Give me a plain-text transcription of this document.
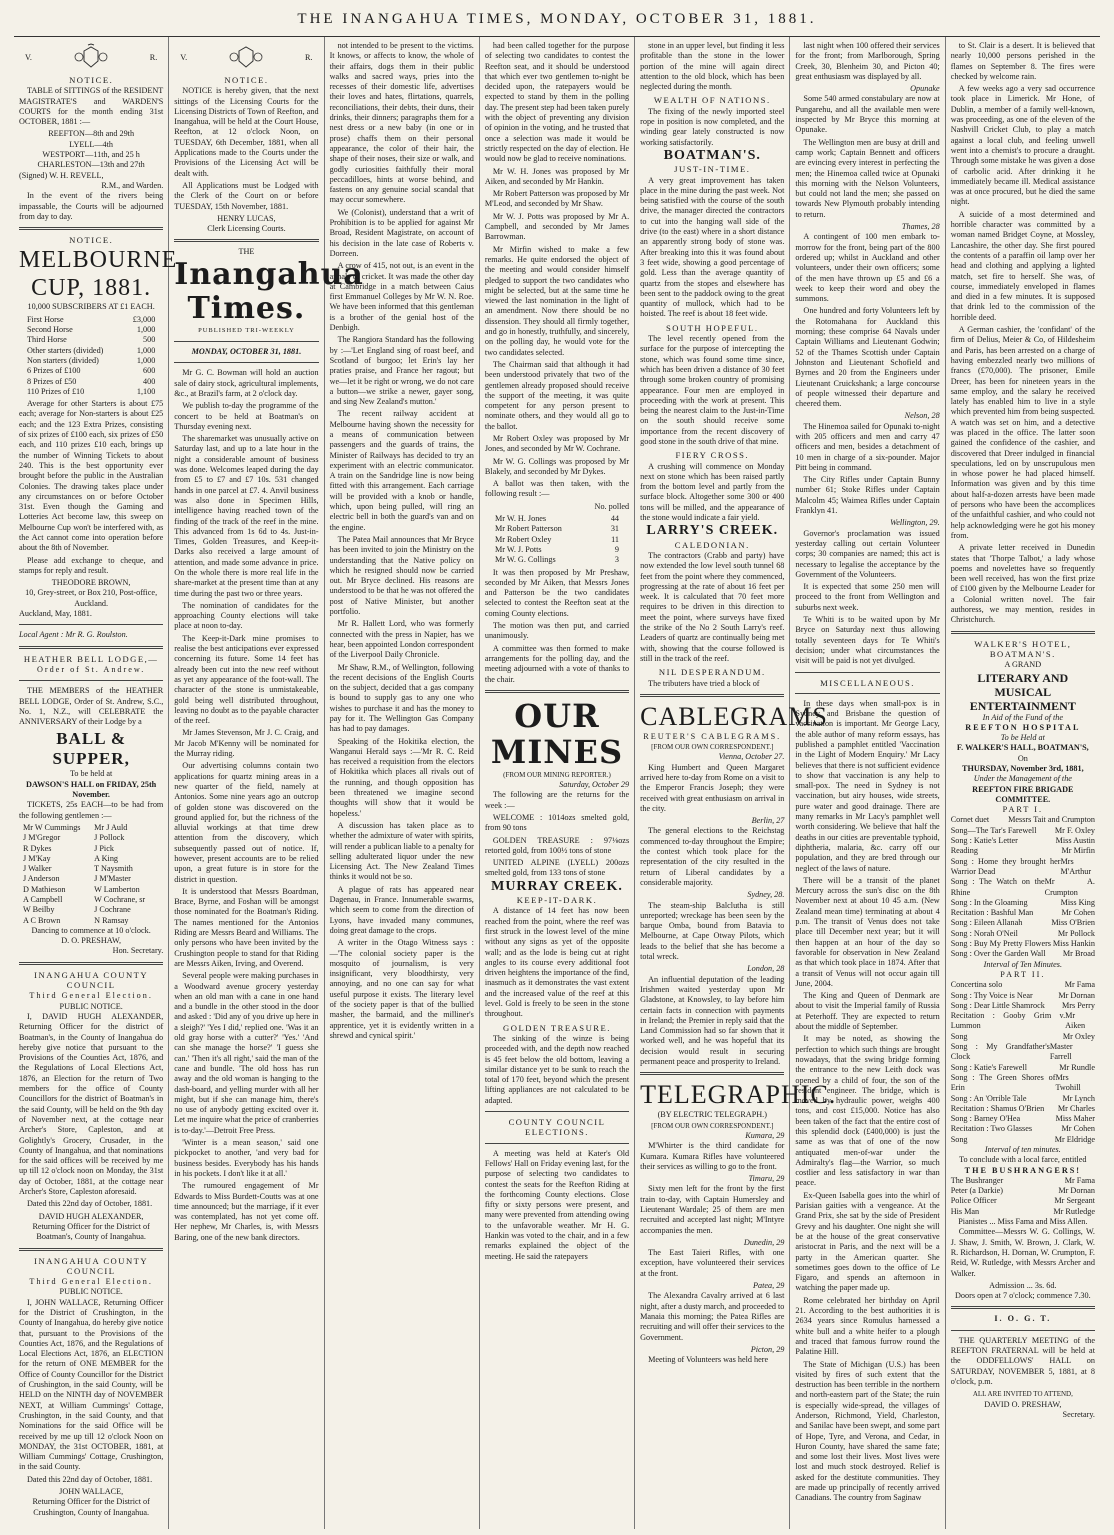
THE INANGAHUA TIMES, MONDAY, OCTOBER 31, 1881.
V.	R.
NOTICE.

TABLE of SITTINGS of the RESIDENT MAGISTRATE'S and WARDEN'S COURTS for the month ending 31st OCTOBER, 1881 :—

REEFTON—8th and 29th
LYELL—4th
WESTPORT—11th, and 25 h
CHARLESTON—13th and 27th
(Signed) W. H. REVELL,
R.M., and Warden.

In the event of the rivers being impassable, the Courts will be adjourned from day to day.

NOTICE.
MELBOURNE CUP, 1881.
10,000 SUBSCRIBERS AT £1 EACH.
First Horse	£3,000
Second Horse	1,000
Third Horse	500
Other starters (divided)	1,000
Non starters (divided)	1,000
6 Prizes of £100	600
8 Prizes of £50	400
110 Prizes of £10	1,100

Average for other Starters is about £75 each; average for Non-starters is about £25 each; and the 123 Extra Prizes, consisting of six prizes of £100 each, six prizes of £50 each, and 110 prizes £10 each, brings up the number of Winning Tickets to about 240. This is the best opportunity ever brought before the public in the Australian Colonies. The drawing takes place under any circumstances on or before October 31st. Even though the Gaming and Lotteries Act become law, this sweep on Melbourne Cup won't be interfered with, as the Act cannot come into operation before about the 8th of November.

Please add exchange to cheque, and stamps for reply and result.

THEODORE BROWN,
10, Grey-street, or Box 210, Post-office, Auckland.
Auckland, May, 1881.
Local Agent : Mr R. G. Roulston.
HEATHER BELL LODGE,—
Order of St. Andrew.

THE MEMBERS of the HEATHER BELL LODGE, Order of St. Andrew, S.C., No. 1, N.Z., will CELEBRATE the ANNIVERSARY of their Lodge by a

BALL & SUPPER,
To be held at
DAWSON'S HALL on FRIDAY, 25th November.

TICKETS, 25s EACH—to be had from the following gentlemen :—

Mr W Cummings
J M'Gregor
R Dykes
J M'Kay
J Walker
J Anderson
D Mathieson
A Campbell
W Beilby
A C Brown
Mr J Auld
J Pollock
J Pick
A King
T Naysmith
J M'Master
W Lamberton
W Cochrane, sr
J Cochrane
N Ramsay
Dancing to commence at 10 o'clock.
D. O. PRESHAW,
Hon. Secretary.
INANGAHUA COUNTY COUNCIL
Third General Election.
PUBLIC NOTICE.

I, DAVID HUGH ALEXANDER, Returning Officer for the district of Boatman's, in the County of Inangahua do hereby give notice that pursuant to the Provisions of the Counties Act, 1876, and the Regulations of Local Elections Act, 1876, an Election for the return of Two members for the office of County Councillors for the district of Boatman's in the said County, will be held on the 9th day of November next, at the cottage near Archer's Store, Capleston, and at Golightly's Grocery, Crusader, in the County of Inangahua, and that nominations for the said offices will be received by me up till 12 o'clock noon on Monday, the 31st day of October, 1881, at the cottage near Archer's Store, Capleston aforesaid.

Dated this 22nd day of October, 1881.

DAVID HUGH ALEXANDER,
Returning Officer for the District of Boatman's, County of Inangahua.
INANGAHUA COUNTY COUNCIL
Third General Election.
PUBLIC NOTICE.

I, JOHN WALLACE, Returning Officer for the District of Crushington, in the County of Inangahua, do hereby give notice that, pursuant to the Provisions of the Counties Act, 1876, and the Regulations of Local Elections Act, 1876, an ELECTION for the return of ONE MEMBER for the Office of County Councillor for the District of Crushington, in the said County, will be HELD on the NINTH day of NOVEMBER NEXT, at William Cummings' Cottage, Crushington, in the said County, and that Nominations for the said Office will be received by me up till 12 o'clock Noon on MONDAY, the 31st OCTOBER, 1881, at William Cummings' Cottage, Crushington, in the said County.

Dated this 22nd day of October, 1881.

JOHN WALLACE,
Returning Officer for the District of Crushington, County of Inangahua.
V.	R.
NOTICE.

NOTICE is hereby given, that the next sittings of the Licensing Courts for the Licensing Districts of Town of Reefton, and Inangahua, will be held at the Court House, Reefton, at 12 o'clock Noon, on TUESDAY, 6th December, 1881, when all Applications made to the Courts under the Provisions of the Licensing Act will be dealt with.

All Applications must be Lodged with the Clerk of the Court on or before TUESDAY, 15th November, 1881.

HENRY LUCAS,
Clerk Licensing Courts.
THE
Inangahua Times.
PUBLISHED TRI-WEEKLY
MONDAY, OCTOBER 31, 1881.

Mr G. C. Bowman will hold an auction sale of dairy stock, agricultural implements, &c., at Brazil's farm, at 2 o'clock day.

We publish to-day the programme of the concert to be held at Boatman's on Thursday evening next.

The sharemarket was unusually active on Saturday last, and up to a late hour in the night a considerable amount of business was done. Welcomes leaped during the day from £5 to £7 and £7 10s. 531 changed hands in one parcel at £7. 4. Anvil business was also done in Specimen Hills, intelligence having reached town of the finding of the track of the reef in the mine. This advanced from 1s 6d to 4s. Just-in-Times, Golden Treasures, and Keep-it-Darks also received a large amount of attention, and made some advance in price. On the whole there is more real life in the share-market at the present time than at any time during the past two or three years.

The nomination of candidates for the approaching County elections will take place at noon to-day.

The Keep-it-Dark mine promises to realise the best anticipations ever expressed concerning its future. Some 14 feet has already been cut into the new reef without as yet any appearance of the foot-wall. The character of the stone is unmistakeable, gold being well distributed throughout, leaving no doubt as to the payable character of the reef.

Mr James Stevenson, Mr J. C. Craig, and Mr Jacob M'Kenny will be nominated for the Murray riding.

Our advertising columns contain two applications for quartz mining areas in a new quarter of the field, namely at Antonios. Some nine years ago an outcrop of golden stone was discovered on the ground applied for, but the richness of the alluvial workings at that time drew attention from the discovery, which subsequently passed out of notice. If, however, present accounts are to be relied upon, a great future is in store for the district in question.

It is understood that Messrs Boardman, Brace, Byrne, and Foshan will be amongst those nominated for the Boatman's Riding. The names mentioned for the Antonios Riding are Messrs Beard and Williams. The only persons who have been invited by the Crushington people to stand for that Riding are Messrs Aiken, Irving, and Overend.

Several people were making purchases in a Woodward avenue grocery yesterday when an old man with a cane in one hand and a bundle in the other stood in the door and asked : 'Did any of you drive up here in a sleigh?' 'Yes I did,' replied one. 'Was it an old gray horse with a cutter?' 'Yes.' 'And can she manage the horse?' 'I guess she can.' 'Then it's all right,' said the man of the cane and bundle. 'The old hoss has run away and the old woman is hanging to the dash-board, and yelling murder with all her might, but if she can manage him, there's no use of anybody getting excited over it. Let me inquire what the price of cranberries is to-day.'—Detroit Free Press.

'Winter is a mean season,' said one pickpocket to another, 'and very bad for business besides. Everybody has his hands in his pockets. I don't like it at all.'

The rumoured engagement of Mr Edwards to Miss Burdett-Coutts was at one time announced; but the marriage, if it ever was contemplated, has not yet come off. Her nephew, Mr Charles, is, with Messrs Baring, one of the new bank directors.

not intended to be present to the victims. It knows, or affects to know, the whole of their affairs, dogs them in their public walks and sacred ways, pries into the recesses of their domestic life, advertises their loves and hates, flirtations, quarrels, reconciliations, their debts, their duns, their drinks, their dinners; paragraphs them for a nest dress or a new baby (in one or in prose) chaffs them on their personal appearance, the color of their hair, the shape of their noses, their size or walk, and godly curiosities faithfully their moral peccadilloes, hints at worse behind, and fastens on any genuine social scandal that may occur somewhere.

We (Colonist), understand that a writ of Prohibition is to be applied for against Mr Broad, Resident Magistrate, on account of his decision in the late case of Roberts v. Dorreen.

A crow of 415, not out, is an event in the annals of cricket. It was made the other day at Cambridge in a match between Caius first Emmanuel Colleges by Mr W. N. Roe. We have been informed that this gentleman is a brother of the genial host of the Denbigh.

The Rangiora Standard has the following by :—'Let England sing of roast beef, and Scotland of burgoo; let Erin's lay her praties praise, and France her ragout; but we—let it be right or wrong, we do not care a button—we strike a newer, gayer song, and sing New Zealand's mutton.'

The recent railway accident at Melbourne having shown the necessity for a means of communication between passengers and the guards of trains, the Minister of Railways has decided to try an experiment with an electric communicator. A train on the Sandridge line is now being fitted with this arrangement. Each carriage will be provided with a knob or handle, which, upon being pulled, will ring an electric bell in both the guard's van and on the engine.

The Patea Mail announces that Mr Bryce has been invited to join the Ministry on the understanding that the Native policy on which he resigned should now be carried out. Mr Bryce declined. His reasons are understood to be that he was not offered the post of Native Minister, but another portfolio.

Mr R. Hallett Lord, who was formerly connected with the press in Napier, has we hear, been appointed London correspondent of the Liverpool Daily Chronicle.

Mr Shaw, R.M., of Wellington, following the recent decisions of the English Courts on the subject, decided that a gas company is bound to supply gas to any one who wishes to purchase it and has the money to pay for it. The Wellington Gas Company has had to pay damages.

Speaking of the Hokitika election, the Wanganui Herald says :—'Mr R. C. Reid has received a requisition from the electors of Hokitika which places all rivals out of the running, and though opposition has been threatened we imagine second thoughts will show that it would be hopeless.'

A discussion has taken place as to whether the admixture of water with spirits, will render a publican liable to a penalty for selling adulterated liquor under the new Licensing Act. The New Zealand Times thinks it would not be so.

A plague of rats has appeared near Dagenau, in France. Innumerable swarms, which seem to come from the direction of Lyons, have invaded many communes, doing great damage to the crops.

A writer in the Otago Witness says :—'The colonial society paper is the mosquito of journalism, is very insignificant, very bloodthirsty, very annoying, and no one can say for what useful purpose it exists. The literary level of the society paper is that of the bullied masher, the barmaid, and the milliner's apprentice, yet it is evidently written in a shrewd and cynical spirit.'

had been called together for the purpose of selecting two candidates to contest the Reefton seat, and it should be understood that which ever two gentlemen to-night be decided upon, the ratepayers would be expected to stand by them in the polling day. The present step had been taken purely with the object of preventing any division of opinion in the voting, and he trusted that once a selection was made it would be strictly respected on the day of election. He would now be glad to receive nominations.

Mr W. H. Jones was proposed by Mr Aiken, and seconded by Mr Hankin.

Mr Robert Patterson was proposed by Mr M'Leod, and seconded by Mr Shaw.

Mr W. J. Potts was proposed by Mr A. Campbell, and seconded by Mr James Barrowman.

Mr Mirfin wished to make a few remarks. He quite endorsed the object of the meeting and would consider himself pledged to support the two candidates who might be selected, but at the same time he viewed the last nomination in the light of an amendment. Now there should be no dissension. They should all firmly together, and go in honestly, truthfully, and sincerely, on the polling day, he would vote for the two candidates selected.

The Chairman said that although it had been understood privately that two of the gentlemen already proposed should receive the support of the meeting, it was quite competent for any person present to nominate others, and they would all go to the ballot.

Mr Robert Oxley was proposed by Mr Jones, and seconded by Mr W. Cochrane.

Mr W. G. Collings was proposed by Mr Blakely, and seconded by Mr Dykes.

A ballot was then taken, with the following result :—

No. polled
Mr W. H. Jones	44
Mr Robert Patterson	31
Mr Robert Oxley	11
Mr W. J. Potts	9
Mr W. G. Collings	3

It was then proposed by Mr Preshaw, seconded by Mr Aiken, that Messrs Jones and Patterson be the two candidates selected to contest the Reefton seat at the coming County elections.

The motion was then put, and carried unanimously.

A committee was then formed to make arrangements for the polling day, and the meeting adjourned with a vote of thanks to the chair.

OUR MINES
(FROM OUR MINING REPORTER.)
Saturday, October 29

The following are the returns for the week :—

WELCOME : 1014ozs smelted gold, from 90 tons

GOLDEN TREASURE : 97⅛ozs retorted gold, from 100½ tons of stone

UNITED ALPINE (LYELL) 200ozs smelted gold, from 133 tons of stone

MURRAY CREEK.
KEEP-IT-DARK.

A distance of 14 feet has now been reached from the point, where the reef was first struck in the lowest level of the mine without any signs as yet of the opposite wall; and as the lode is being cut at right angles to its course every additional foot driven heightens the importance of the find, inasmuch as it demonstrates the vast extent and the increased value of the reef at this level. Gold is freely to be seen in the stone throughout.

GOLDEN TREASURE.

The sinking of the winze is being proceeded with, and the depth now reached is 45 feet below the old bottom, leaving a similar distance yet to be sunk to reach the total of 170 feet, beyond which the present lifting appliances are not calculated to be adapted.

COUNTY COUNCIL ELECTIONS.

A meeting was held at Kater's Old Fellows' Hall on Friday evening last, for the purpose of selecting two candidates to contest the seats for the Reefton Riding at the forthcoming County elections. Close fifty or sixty persons were present, and many were prevented from attending owing to the unfavorable weather. Mr H. G. Hankin was voted to the chair, and in a few remarks explained the object of the meeting. He said the ratepayers

stone in an upper level, but finding it less profitable than the stone in the lower portion of the mine will again direct attention to the old block, which has been neglected during the month.

WEALTH OF NATIONS.

The fixing of the newly imported steel rope in position is now completed, and the winding gear lately constructed is now working satisfactorily.

BOATMAN'S.
JUST-IN-TIME.

A very great improvement has taken place in the mine during the past week. Not being satisfied with the course of the south drive, the manager directed the contractors to cut into the hanging wall side of the drive (to the east) where in a short distance an apparently strong body of stone was. After breaking into this it was found about 3 feet wide, showing a good percentage of gold. Less than the average quantity of quartz from the stopes and elsewhere has been sent to the paddock owing to the great quantity of mullock, which had to be hoisted. The reef is about 18 feet wide.

SOUTH HOPEFUL.

The level recently opened from the surface for the purpose of intercepting the stone, which was found some time since, which has been driven a distance of 30 feet through some broken country of promising appearance. Four men are employed in proceeding with the work at present. This being the nearest claim to the Just-in-Time on the south should receive some importance from the recent discovery of good stone in the south drive of that mine.

FIERY CROSS.

A crushing will commence on Monday next on stone which has been raised partly from the bottom level and partly from the surface block. Altogether some 300 or 400 tons will be milled, and the appearance of the stone would indicate a fair yield.

LARRY'S CREEK.
CALEDONIAN.

The contractors (Crabb and party) have now extended the low level south tunnel 68 feet from the point where they commenced, progressing at the rate of about 16 feet per week. It is calculated that 70 feet more requires to be driven in this direction to meet the point, where surveys have fixed the strike of the No 2 South Larry's reef. Leaders of quartz are continually being met with, showing that the course followed is still in the track of the reef.

NIL DESPERANDUM.

The tributers have tried a block of

CABLEGRAMS
REUTER'S CABLEGRAMS.
[FROM OUR OWN CORRESPONDENT.]
Vienna, October 27.

King Humbert and Queen Margaret arrived here to-day from Rome on a visit to the Emperor Francis Joseph; they were received with great enthusiasm on arrival in the city.

Berlin, 27

The general elections to the Reichstag commenced to-day throughout the Empire; the contest which took place for the representation of the city resulted in the return of Liberal candidates by a considerable majority.

Sydney, 28.

The steam-ship Balclutha is still unreported; wreckage has been seen by the barque Omba, bound from Batavia to Melbourne, at Cape Otway Pilots, which leads to the belief that she has become a total wreck.

London, 28

An influential deputation of the leading Irishmen waited yesterday upon Mr Gladstone, at Knowsley, to lay before him certain facts in connection with payments in Ireland; the Premier in reply said that the Land Commission had so far shown that it worked well, and he was hopeful that its decision would result in securing permanent peace and prosperity to Ireland.

TELEGRAPHIC.
(BY ELECTRIC TELEGRAPH.)
[FROM OUR OWN CORRESPONDENT.]
Kumara, 29

M'Whirter is the third candidate for Kumara. Kumara Rifles have volunteered their services as willing to go to the front.

Timaru, 29

Sixty men left for the front by the first train to-day, with Captain Humersley and Lieutenant Wardale; 25 of them are men recruited and accepted last night; M'Intyre accompanies the men.

Dunedin, 29

The East Taieri Rifles, with one exception, have volunteered their services at the front.

Patea, 29

The Alexandra Cavalry arrived at 6 last night, after a dusty march, and proceeded to Manaia this morning; the Patea Rifles are recruiting and will offer their services to the Government.

Picton, 29

Meeting of Volunteers was held here

last night when 100 offered their services for the front; from Marlborough, Spring Creek, 30, Blenheim 30, and Picton 40; great enthusiasm was displayed by all.

Opunake

Some 540 armed constabulary are now at Pungarehu, and all the available men were inspected by Mr Bryce this morning at Opunake.

The Wellington men are busy at drill and camp work; Captain Bennett and officers are evincing every interest in perfecting the men; the Hinemoa called twice at Opunaki this morning with the Nelson Volunteers, but could not land the men; she passed on towards New Plymouth probably intending to return.

Thames, 28

A contingent of 100 men embark to-morrow for the front, being part of the 800 ordered up; whilst in Auckland and other volunteers, under their own officers; some of the men have thrown up £5 and £6 a week to keep their word and obey the summons.

One hundred and forty Volunteers left by the Rotomahana for Auckland this morning; these comprise 64 Navals under Captain Williams and Lieutenant Godwin; 52 of the Thames Scottish under Captain Johnston and Lieutenant Schofield and Byrnes and 20 from the Engineers under Lieutenant Cruickshank; a large concourse of people witnessed their departure and cheered them.

Nelson, 28

The Hinemoa sailed for Opunaki to-night with 205 officers and men and carry 47 officers and men, besides a detachment of 10 men in charge of a six-pounder. Major Pitt being in command.

The City Rifles under Captain Bunny number 61; Stoke Rifles under Captain Malcolm 45; Waimea Rifles under Captain Franklyn 41.

Wellington, 29.

Governor's proclamation was issued yesterday calling out certain Volunteer corps; 30 companies are named; this act is necessary to legalise the acceptance by the Government of the Volunteers.

It is expected that some 250 men will proceed to the front from Wellington and suburbs next week.

Te Whiti is to be waited upon by Mr Bryce on Saturday next thus allowing totally seventeen days for Te Whiti's decision; under what circumstances the visit will be paid is not yet divulged.

MISCELLANEOUS.

In these days when small-pox is in Sydney and Brisbane the question of vaccination is important. Mr George Lacy, the able author of many reform essays, has published a pamphlet entitled 'Vaccination in the Light of Modern Enquiry.' Mr Lacy believes that there is not sufficient evidence to show that vaccination is any help to small-pox. The need in Sydney is not vaccination, but airy houses, wide streets, pure water and good drainage. There are many remarks in Mr Lacy's pamphlet well worth considering. We believe that half the deaths in our cities are preventable typhoid, diphtheria, malaria, &c. carry off our population, and they are bred through our neglect of the laws of nature.

There will be a transit of the planet Mercury across the sun's disc on the 8th November next at about 10 45 a.m. (New Zealand mean time) terminating at about 4 p.m. The transit of Venus does not take place till December next year; but it will then happen at an hour of the day so favorable for observation in New Zealand as that which took place in 1874. After that a transit of Venus will not occur again till June, 2004.

The King and Queen of Denmark are about to visit the Imperial family of Russia at Peterhoff. They are expected to return about the middle of September.

It may be noted, as showing the perfection to which such things are brought nowadays, that the swing bridge forming the entrance to the new Leith dock was opened by a child of four, the son of the resident engineer. The bridge, which is moved by hydraulic power, weighs 400 tons, and cost £15,000. Notice has also been taken of the fact that the entire cost of this splendid dock (£400,000) is just the same as was that of one of the now antiquated men-of-war under the Admiralty's flag—the Warrior, so much costlier and less satisfactory in war than peace.

Ex-Queen Isabella goes into the whirl of Parisian gaities with a vengeance. At the Grand Prix, she sat by the side of President Grevy and his daughter. One night she will be at the house of the great conservative aristocrat in Paris, and the next will be a party in the American quarter. She sometimes goes down to the office of Le Figaro, and spends an afternoon in watching the paper made up.

Rome celebrated her birthday on April 21. According to the best authorities it is 2634 years since Romulus harnessed a white bull and a white heifer to a plough and traced that famous furrow round the Palatine Hill.

The State of Michigan (U.S.) has been visited by fires of such extent that the destruction has been terrible in the northern and north-eastern part of the State; the ruin is especially wide-spread, the villages of Anderson, Richmond, Yield, Charleston, and Sanilac have been swept, and some part of Hope, Tyre, and Verona, and Cedar, in Huron County, have shared the same fate; and some lost their lives. Most lives were lost and much stock destroyed. Relief is asked for the destitute communities. They are made up principally of recently arrived Canadians. The country from Saginaw

to St. Clair is a desert. It is believed that nearly 10,000 persons perished in the flames on September 8. The fires were checked by welcome rain.

A few weeks ago a very sad occurrence took place in Limerick. Mr Hone, of Dublin, a member of a family well-known, was proceeding, as one of the eleven of the Nashvill Cricket Club, to play a match against a local club, and feeling unwell went into a chemist's to procure a draught. Through some mistake he was given a dose of carbolic acid. After drinking it he immediately became ill. Medical assistance was at once procured, but he died the same night.

A suicide of a most determined and horrible character was committed by a woman named Bridget Coyne, at Mossley, Lancashire, the other day. She first poured the contents of a paraffin oil lamp over her head and clothing and applying a lighted match, set fire to herself. She was, of course, immediately enveloped in flames and died in a few minutes. It is supposed that drink led to the commission of the horrible deed.

A German cashier, the 'confidant' of the firm of Delius, Meier & Co, of Hildesheim and Paris, has been arrested on a charge of having embezzled nearly two millions of francs (£70,000). The prisoner, Emile Dreer, has been for nineteen years in the same employ, and the salary he received lately has enabled him to live in a style which prevented him from being suspected. A watch was set on him, and a detective was placed in the office. The latter soon gained the confidence of the cashier, and discovered that Dreer indulged in financial speculations, led on by unscrupulous men in whose power he had placed himself. Information was given and by this time about half-a-dozen arrests have been made of persons who have been the accomplices of the unfaithful cashier, and who could not help acknowledging were he got his money from.

A private letter received in Dunedin states that 'Thorpe Talbot,' a lady whose poems and novelettes have so frequently been well received, has won the first prize of £100 given by the Melbourne Leader for a Colonial written novel. The fair authoress, we may mention, resides in Christchurch.

WALKER'S HOTEL, BOATMAN'S.
A GRAND
LITERARY AND MUSICAL ENTERTAINMENT
In Aid of the Fund of the
REEFTON HOSPITAL
To be Held at
F. WALKER'S HALL, BOATMAN'S,
On
THURSDAY, November 3rd, 1881,
Under the Management of the
REEFTON FIRE BRIGADE COMMITTEE.
PART I.
Cornet duet Messrs Tait and Crumpton
Song—The Tar's Farewell Mr F. Oxley
Song : Katie's Letter	Miss Austin
Reading	Mr Mirfin
Song : Home they brought her Warrior Dead
Mrs M'Arthur
Song : The Watch on the Rhine
Mr A. Crumpton
Song : In the Gloaming	Miss King
Recitation : Bashful Man	Mr Cohen
Song : Eileen Allanah	Miss O'Brien
Song : Norah O'Neil	Mr Pollock
Song : Buy My Pretty Flowers Miss Hankin
Song : Over the Garden Wall Mr Broad
Interval of Ten Minutes.
PART II.
Concertina solo	Mr Fama
Song : Thy Voice is Near	Mr Dornan
Song : Dear Little Shamrock Mrs Perry
Recitation : Gooby Grim v. Lummon
Mr Aiken
Song	Mr Oxley
Song : My Grandfather's Clock
Master Farrell
Song : Katie's Farewell	Mr Rundle
Song : The Green Shores of Erin
Mrs Twohill
Song : An 'Orrible Tale	Mr Lynch
Recitation : Shamus O'Brien Mr Charles
Song : Barney O'Hea	Miss Maher
Recitation : Two Glasses	Mr Cohen
Song	Mr Eldridge
Interval of ten minutes.
To conclude with a local farce, entitled
THE BUSHRANGERS!
The Bushranger	Mr Fama
Peter (a Darkie)	Mr Dornan
Police Officer	Mr Sergeant
His Man	Mr Rutledge
Pianistes ... Miss Fama and Miss Allen.

Committee—Messrs W. G. Collings, W. J. Shaw, J. Smith, W. Brown, J. Clark, W. R. Richardson, H. Dornan, W. Crumpton, F. Reid, W. Rutledge, with Messrs Archer and Walker.

Admission ... 3s. 6d.
Doors open at 7 o'clock; commence 7.30.
I. O. G. T.

THE QUARTERLY MEETING of the REEFTON FRATERNAL will be held at the ODDFELLOWS' HALL on SATURDAY, NOVEMBER 5, 1881, at 8 o'clock, p.m.

ALL ARE INVITED TO ATTEND,
DAVID O. PRESHAW,
Secretary.
